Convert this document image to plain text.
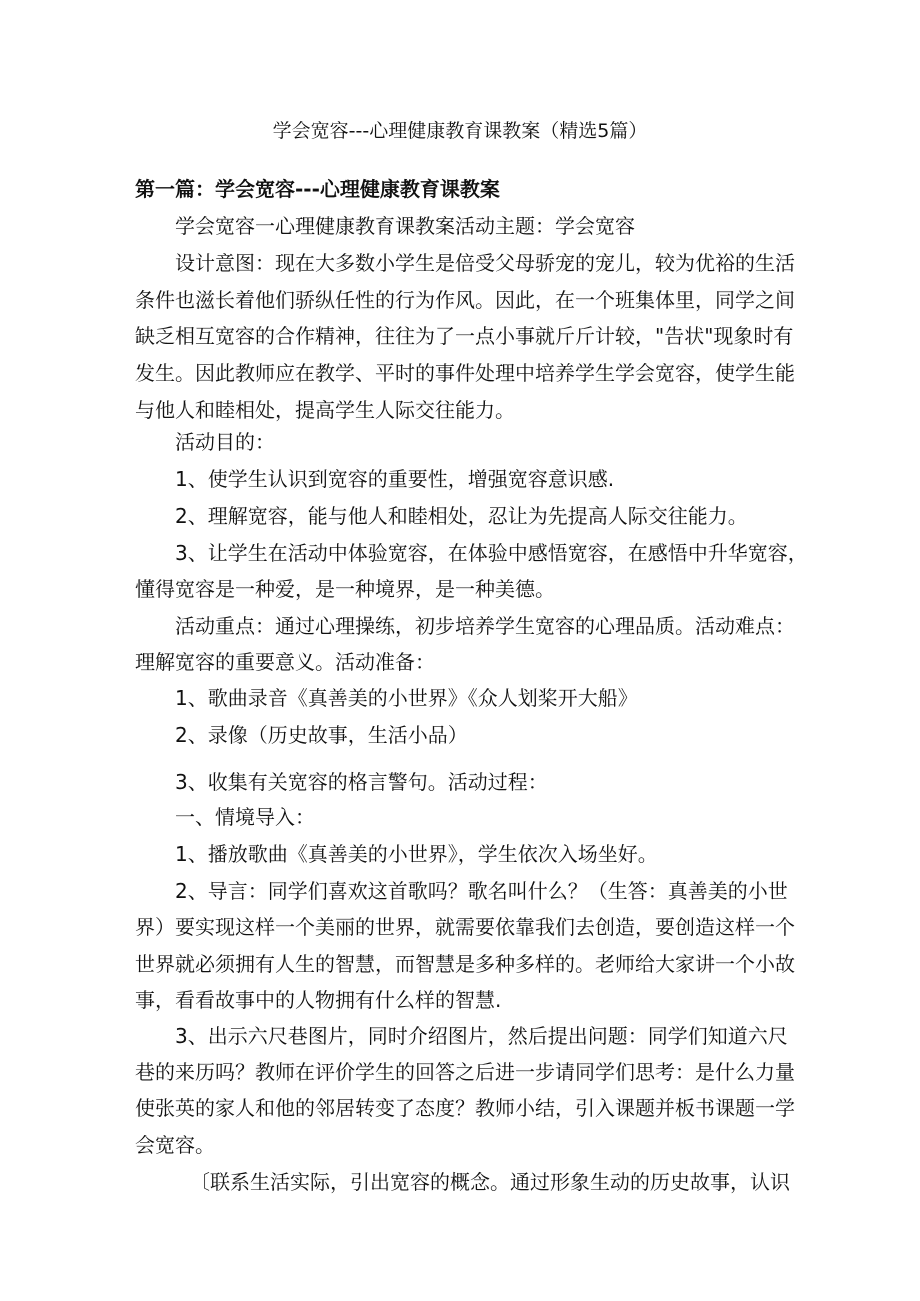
学会宽容---心理健康教育课教案（精选5篇）
第一篇：学会宽容---心理健康教育课教案

学会宽容一心理健康教育课教案活动主题：学会宽容

设计意图：现在大多数小学生是倍受父母骄宠的宠儿，较为优裕的生活

条件也滋长着他们骄纵任性的行为作风。因此，在一个班集体里，同学之间

缺乏相互宽容的合作精神，往往为了一点小事就斤斤计较，"告状"现象时有

发生。因此教师应在教学、平时的事件处理中培养学生学会宽容，使学生能

与他人和睦相处，提高学生人际交往能力。

活动目的：

1、使学生认识到宽容的重要性，增强宽容意识感.

2、理解宽容，能与他人和睦相处，忍让为先提高人际交往能力。

3、让学生在活动中体验宽容，在体验中感悟宽容，在感悟中升华宽容，

懂得宽容是一种爱，是一种境界，是一种美德。

活动重点：通过心理操练，初步培养学生宽容的心理品质。活动难点：

理解宽容的重要意义。活动准备：

1、歌曲录音《真善美的小世界》《众人划桨开大船》

2、录像（历史故事，生活小品）

3、收集有关宽容的格言警句。活动过程：

一、情境导入：

1、播放歌曲《真善美的小世界》，学生依次入场坐好。

2、导言：同学们喜欢这首歌吗？歌名叫什么？（生答：真善美的小世

界）要实现这样一个美丽的世界，就需要依靠我们去创造，要创造这样一个

世界就必须拥有人生的智慧，而智慧是多种多样的。老师给大家讲一个小故

事，看看故事中的人物拥有什么样的智慧.

3、出示六尺巷图片，同时介绍图片，然后提出问题：同学们知道六尺

巷的来历吗？教师在评价学生的回答之后进一步请同学们思考：是什么力量

使张英的家人和他的邻居转变了态度？教师小结，引入课题并板书课题一学

会宽容。

〔联系生活实际，引出宽容的概念。通过形象生动的历史故事，认识
